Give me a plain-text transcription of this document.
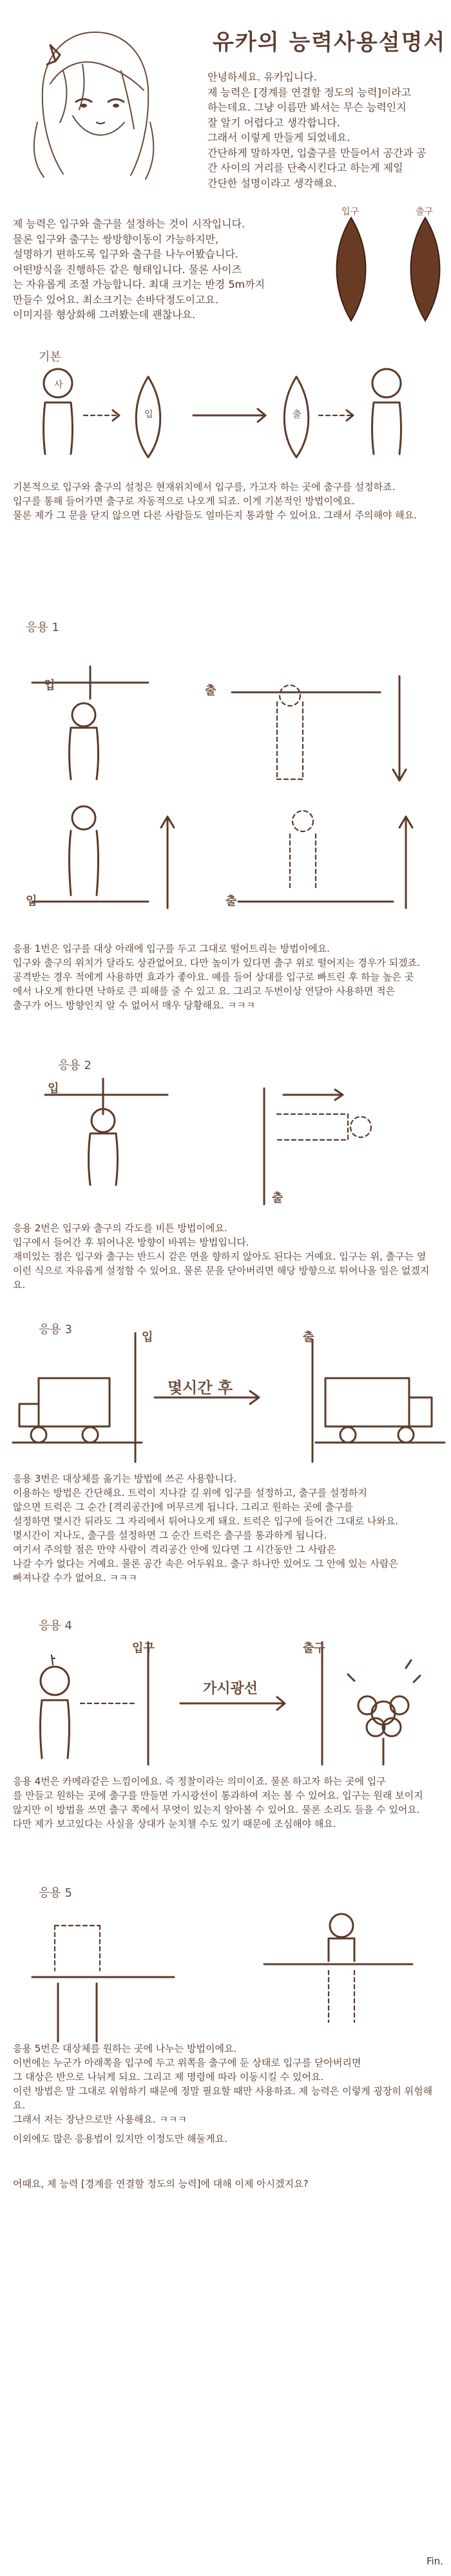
유카의 능력사용설명서
안녕하세요. 유카입니다.
제 능력은 [경계를 연결할 정도의 능력]이라고
하는데요. 그냥 이름만 봐서는 무슨 능력인지
잘 알기 어렵다고 생각합니다.
그래서 이렇게 만들게 되었네요.
간단하게 말하자면, 입출구를 만들어서 공간과 공
간 사이의 거리를 단축시킨다고 하는게 제일
간단한 설명이라고 생각해요.
제 능력은 입구와 출구를 설정하는 것이 시작입니다.
물론 입구와 출구는 쌍방향이동이 가능하지만,
설명하기 편하도록 입구와 출구를 나누어봤습니다.
어떤방식을 진행하든 같은 형태입니다. 물론 사이즈
는 자유롭게 조절 가능합니다. 최대 크기는 반경 5m까지
만들수 있어요. 최소크기는 손바닥정도이고요.
이미지를 형상화해 그려봤는데 괜찮나요.
입구	출구
기본
사
입	출
기본적으로 입구와 출구의 설정은 현재위치에서 입구를, 가고자 하는 곳에 출구를 설정하죠.
입구를 통해 들어가면 출구로 자동적으로 나오게 되죠. 이게 기본적인 방법이에요.
물론 제가 그 문을 닫지 않으면 다른 사람들도 얼마든지 통과할 수 있어요. 그래서 주의해야 해요.
응용 1
입	출
입	출
응용 1번은 입구를 대상 아래에 입구를 두고 그대로 떨어트리는 방법이에요.
입구와 출구의 위치가 달라도 상관없어요. 다만 높이가 있다면 출구 위로 떨어지는 경우가 되겠죠.
공격받는 경우 적에게 사용하면 효과가 좋아요. 예를 들어 상대를 입구로 빠트린 후 하늘 높은 곳
에서 나오게 한다면 낙하로 큰 피해를 줄 수 있고 요. 그리고 두번이상 연달아 사용하면 적은
출구가 어느 방향인지 알 수 없어서 매우 당황해요. ㅋㅋㅋ
응용 2
입
출
응용 2번은 입구와 출구의 각도를 비튼 방법이에요.
입구에서 들어간 후 튀어나온 방향이 바뀌는 방법입니다.
재미있는 점은 입구와 출구는 반드시 같은 면을 향하지 않아도 된다는 거예요. 입구는 위, 출구는 옆
이런 식으로 자유롭게 설정할 수 있어요. 물론 문을 닫아버리면 해당 방향으로 튀어나올 일은 없겠지요.
응용 3
입	출
몇시간 후
응용 3번은 대상체를 옮기는 방법에 쓰곤 사용합니다.
이용하는 방법은 간단해요. 트럭이 지나갈 길 위에 입구를 설정하고, 출구를 설정하지
않으면 트럭은 그 순간 [격리공간]에 머무르게 됩니다. 그리고 원하는 곳에 출구를
설정하면 몇시간 뒤라도 그 자리에서 튀어나오게 돼요. 트럭은 입구에 들어간 그대로 나와요.
몇시간이 지나도, 출구를 설정하면 그 순간 트럭은 출구를 통과하게 됩니다.
여기서 주의할 점은 만약 사람이 격리공간 안에 있다면 그 시간동안 그 사람은
나갈 수가 없다는 거예요. 물론 공간 속은 어두워요. 출구 하나만 있어도 그 안에 있는 사람은
빠져나갈 수가 없어요. ㅋㅋㅋ
응용 4
입구	출구
가시광선
응용 4번은 카메라같은 느낌이에요. 즉 정찰이라는 의미이죠. 물론 하고자 하는 곳에 입구
를 만들고 원하는 곳에 출구를 만들면 가시광선이 통과하여 저는 볼 수 있어요. 입구는 원래 보이지
않지만 이 방법을 쓰면 출구 쪽에서 무엇이 있는지 알아볼 수 있어요. 물론 소리도 들을 수 있어요.
다만 제가 보고있다는 사실을 상대가 눈치챌 수도 있기 때문에 조심해야 해요.
응용 5
응용 5번은 대상체를 원하는 곳에 나누는 방법이에요.
이번에는 누군가 아래쪽을 입구에 두고 위쪽을 출구에 둔 상태로 입구를 닫아버리면
그 대상은 반으로 나뉘게 되요. 그리고 제 명령에 따라 이동시킬 수 있어요.
이런 방법은 말 그대로 위험하기 때문에 정말 필요할 때만 사용하죠. 제 능력은 이렇게 굉장히 위험해요.
그래서 저는 장난으로만 사용해요. ㅋㅋㅋ
이외에도 많은 응용법이 있지만 이정도만 해둘게요.
어때요, 제 능력 [경계를 연결할 정도의 능력]에 대해 이제 아시겠지요?
Fin.
